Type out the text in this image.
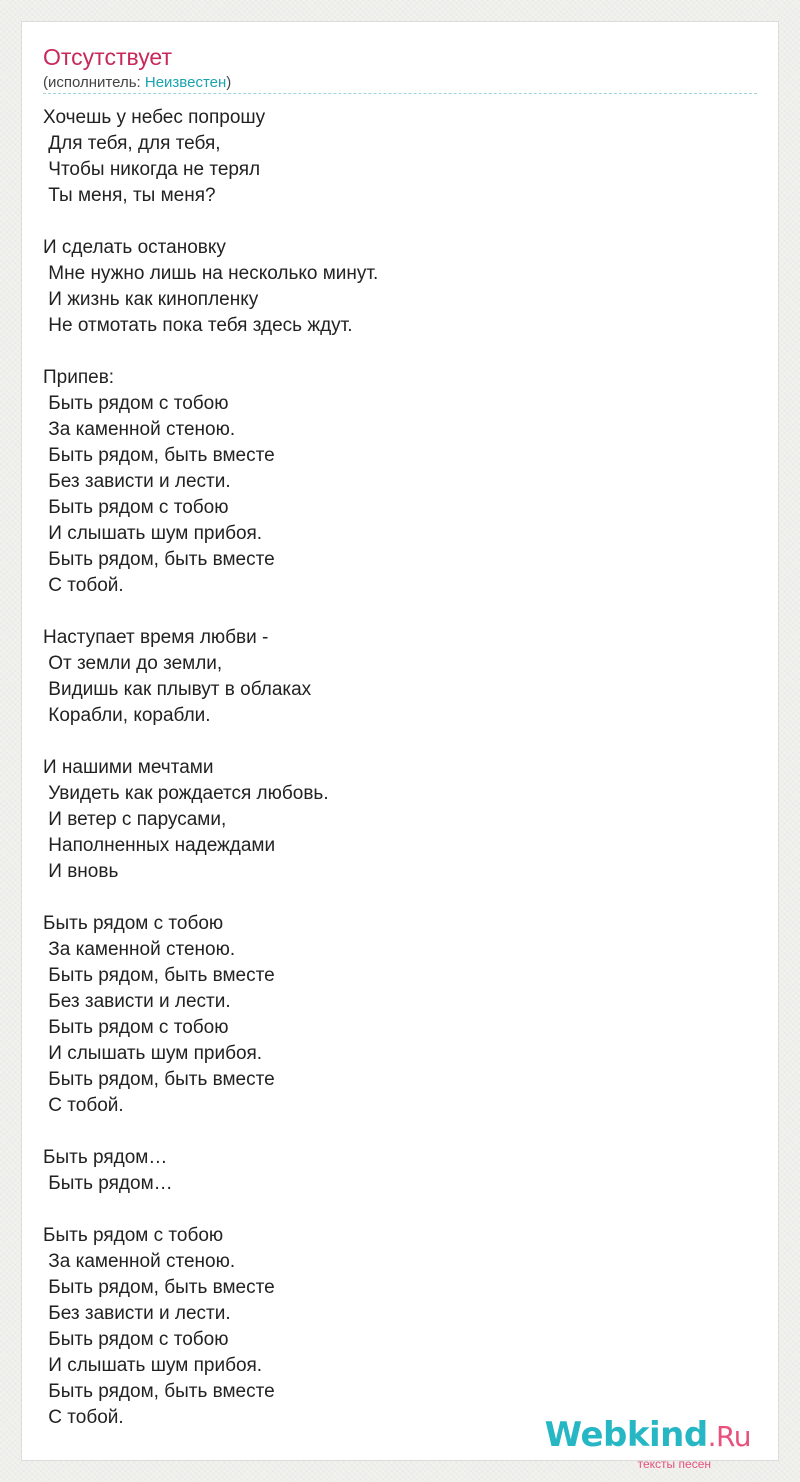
Отсутствует
(исполнитель: Неизвестен)
Хочешь у небес попрошу
Для тебя, для тебя,
Чтобы никогда не терял
Ты меня, ты меня?

И сделать остановку
Мне нужно лишь на несколько минут.
И жизнь как кинопленку
Не отмотать пока тебя здесь ждут.

Припев:
Быть рядом с тобою
За каменной стеною.
Быть рядом, быть вместе
Без зависти и лести.
Быть рядом с тобою
И слышать шум прибоя.
Быть рядом, быть вместе
С тобой.

Наступает время любви -
От земли до земли,
Видишь как плывут в облаках
Корабли, корабли.

И нашими мечтами
Увидеть как рождается любовь.
И ветер с парусами,
Наполненных надеждами
И вновь

Быть рядом с тобою
За каменной стеною.
Быть рядом, быть вместе
Без зависти и лести.
Быть рядом с тобою
И слышать шум прибоя.
Быть рядом, быть вместе
С тобой.

Быть рядом…
Быть рядом…

Быть рядом с тобою
За каменной стеною.
Быть рядом, быть вместе
Без зависти и лести.
Быть рядом с тобою
И слышать шум прибоя.
Быть рядом, быть вместе
С тобой.	Webkind.Ru
тексты песен
